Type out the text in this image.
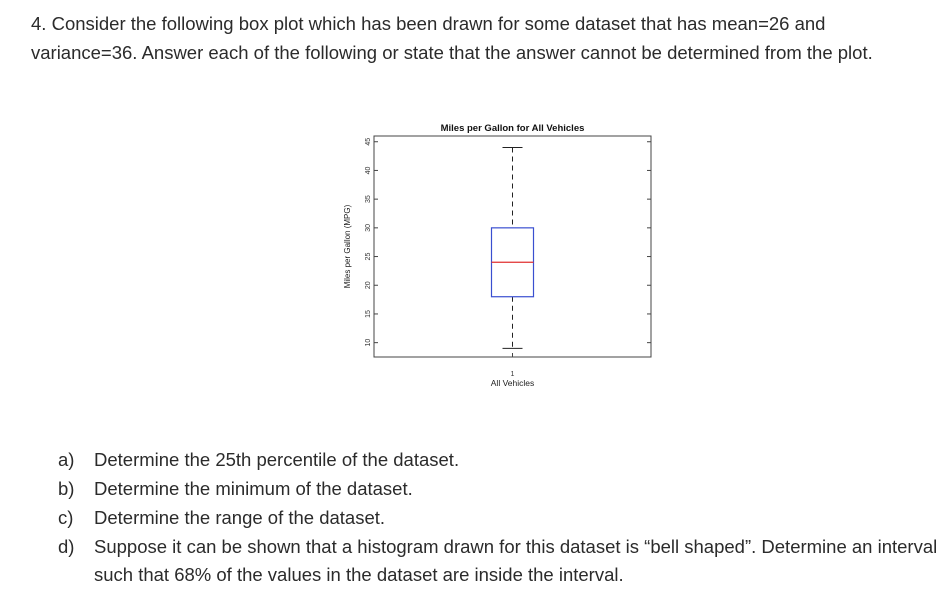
4. Consider the following box plot which has been drawn for some dataset that has mean=26 and
variance=36. Answer each of the following or state that the answer cannot be determined from the plot.

Miles per Gallon for All Vehicles
10
15
20
25
30
35
40
45
Miles per Gallon (MPG)
1
All Vehicles
a) Determine the 25th percentile of the dataset.
b) Determine the minimum of the dataset.
c) Determine the range of the dataset.
d) Suppose it can be shown that a histogram drawn for this dataset is “bell shaped”. Determine an interval such that 68% of the values in the dataset are inside the interval.
